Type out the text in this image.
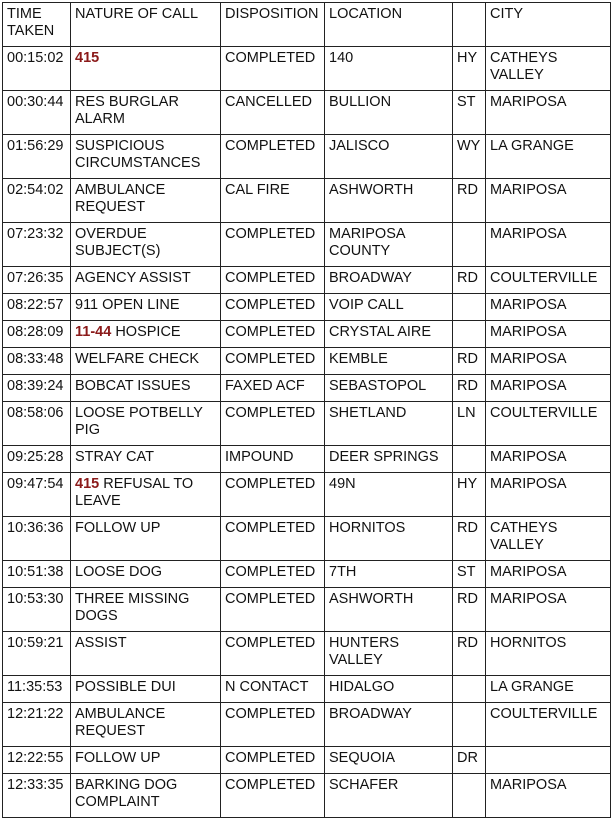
TIME
TAKEN	NATURE OF CALL	DISPOSITION	LOCATION		CITY
00:15:02	415	COMPLETED	140	HY	CATHEYS VALLEY
00:30:44	RES BURGLAR ALARM	CANCELLED	BULLION	ST	MARIPOSA
01:56:29	SUSPICIOUS CIRCUMSTANCES	COMPLETED	JALISCO	WY	LA GRANGE
02:54:02	AMBULANCE REQUEST	CAL FIRE	ASHWORTH	RD	MARIPOSA
07:23:32	OVERDUE SUBJECT(S)	COMPLETED	MARIPOSA COUNTY		MARIPOSA
07:26:35	AGENCY ASSIST	COMPLETED	BROADWAY	RD	COULTERVILLE
08:22:57	911 OPEN LINE	COMPLETED	VOIP CALL		MARIPOSA
08:28:09	11-44 HOSPICE	COMPLETED	CRYSTAL AIRE		MARIPOSA
08:33:48	WELFARE CHECK	COMPLETED	KEMBLE	RD	MARIPOSA
08:39:24	BOBCAT ISSUES	FAXED ACF	SEBASTOPOL	RD	MARIPOSA
08:58:06	LOOSE POTBELLY PIG	COMPLETED	SHETLAND	LN	COULTERVILLE
09:25:28	STRAY CAT	IMPOUND	DEER SPRINGS		MARIPOSA
09:47:54	415 REFUSAL TO LEAVE	COMPLETED	49N	HY	MARIPOSA
10:36:36	FOLLOW UP	COMPLETED	HORNITOS	RD	CATHEYS VALLEY
10:51:38	LOOSE DOG	COMPLETED	7TH	ST	MARIPOSA
10:53:30	THREE MISSING DOGS	COMPLETED	ASHWORTH	RD	MARIPOSA
10:59:21	ASSIST	COMPLETED	HUNTERS VALLEY	RD	HORNITOS
11:35:53	POSSIBLE DUI	N CONTACT	HIDALGO		LA GRANGE
12:21:22	AMBULANCE REQUEST	COMPLETED	BROADWAY		COULTERVILLE
12:22:55	FOLLOW UP	COMPLETED	SEQUOIA	DR	
12:33:35	BARKING DOG COMPLAINT	COMPLETED	SCHAFER		MARIPOSA
